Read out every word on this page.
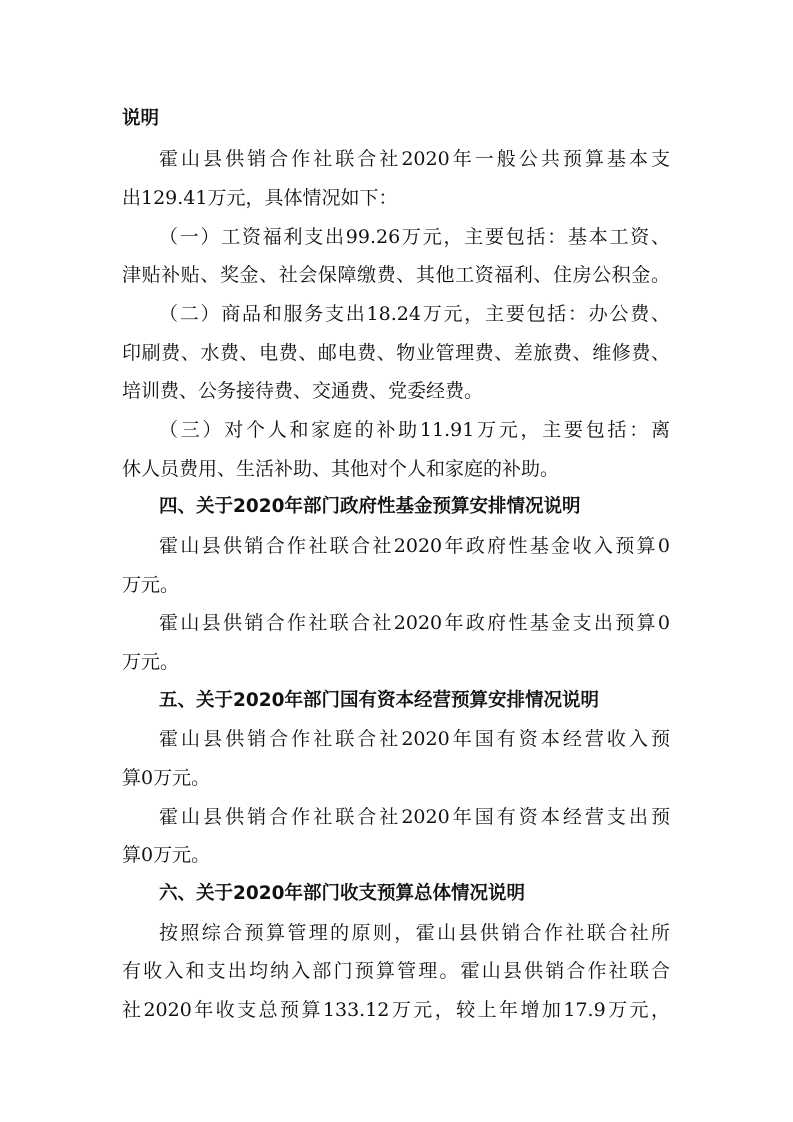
说明
霍山县供销合作社联合社2020年一般公共预算基本支
出129.41万元，具体情况如下：
（一）工资福利支出99.26万元，主要包括：基本工资、
津贴补贴、奖金、社会保障缴费、其他工资福利、住房公积金。
（二）商品和服务支出18.24万元，主要包括：办公费、
印刷费、水费、电费、邮电费、物业管理费、差旅费、维修费、
培训费、公务接待费、交通费、党委经费。
（三）对个人和家庭的补助11.91万元，主要包括：离
休人员费用、生活补助、其他对个人和家庭的补助。
四、关于2020年部门政府性基金预算安排情况说明
霍山县供销合作社联合社2020年政府性基金收入预算0
万元。
霍山县供销合作社联合社2020年政府性基金支出预算0
万元。
五、关于2020年部门国有资本经营预算安排情况说明
霍山县供销合作社联合社2020年国有资本经营收入预
算0万元。
霍山县供销合作社联合社2020年国有资本经营支出预
算0万元。
六、关于2020年部门收支预算总体情况说明
按照综合预算管理的原则，霍山县供销合作社联合社所
有收入和支出均纳入部门预算管理。霍山县供销合作社联合
社2020年收支总预算133.12万元，较上年增加17.9万元，
